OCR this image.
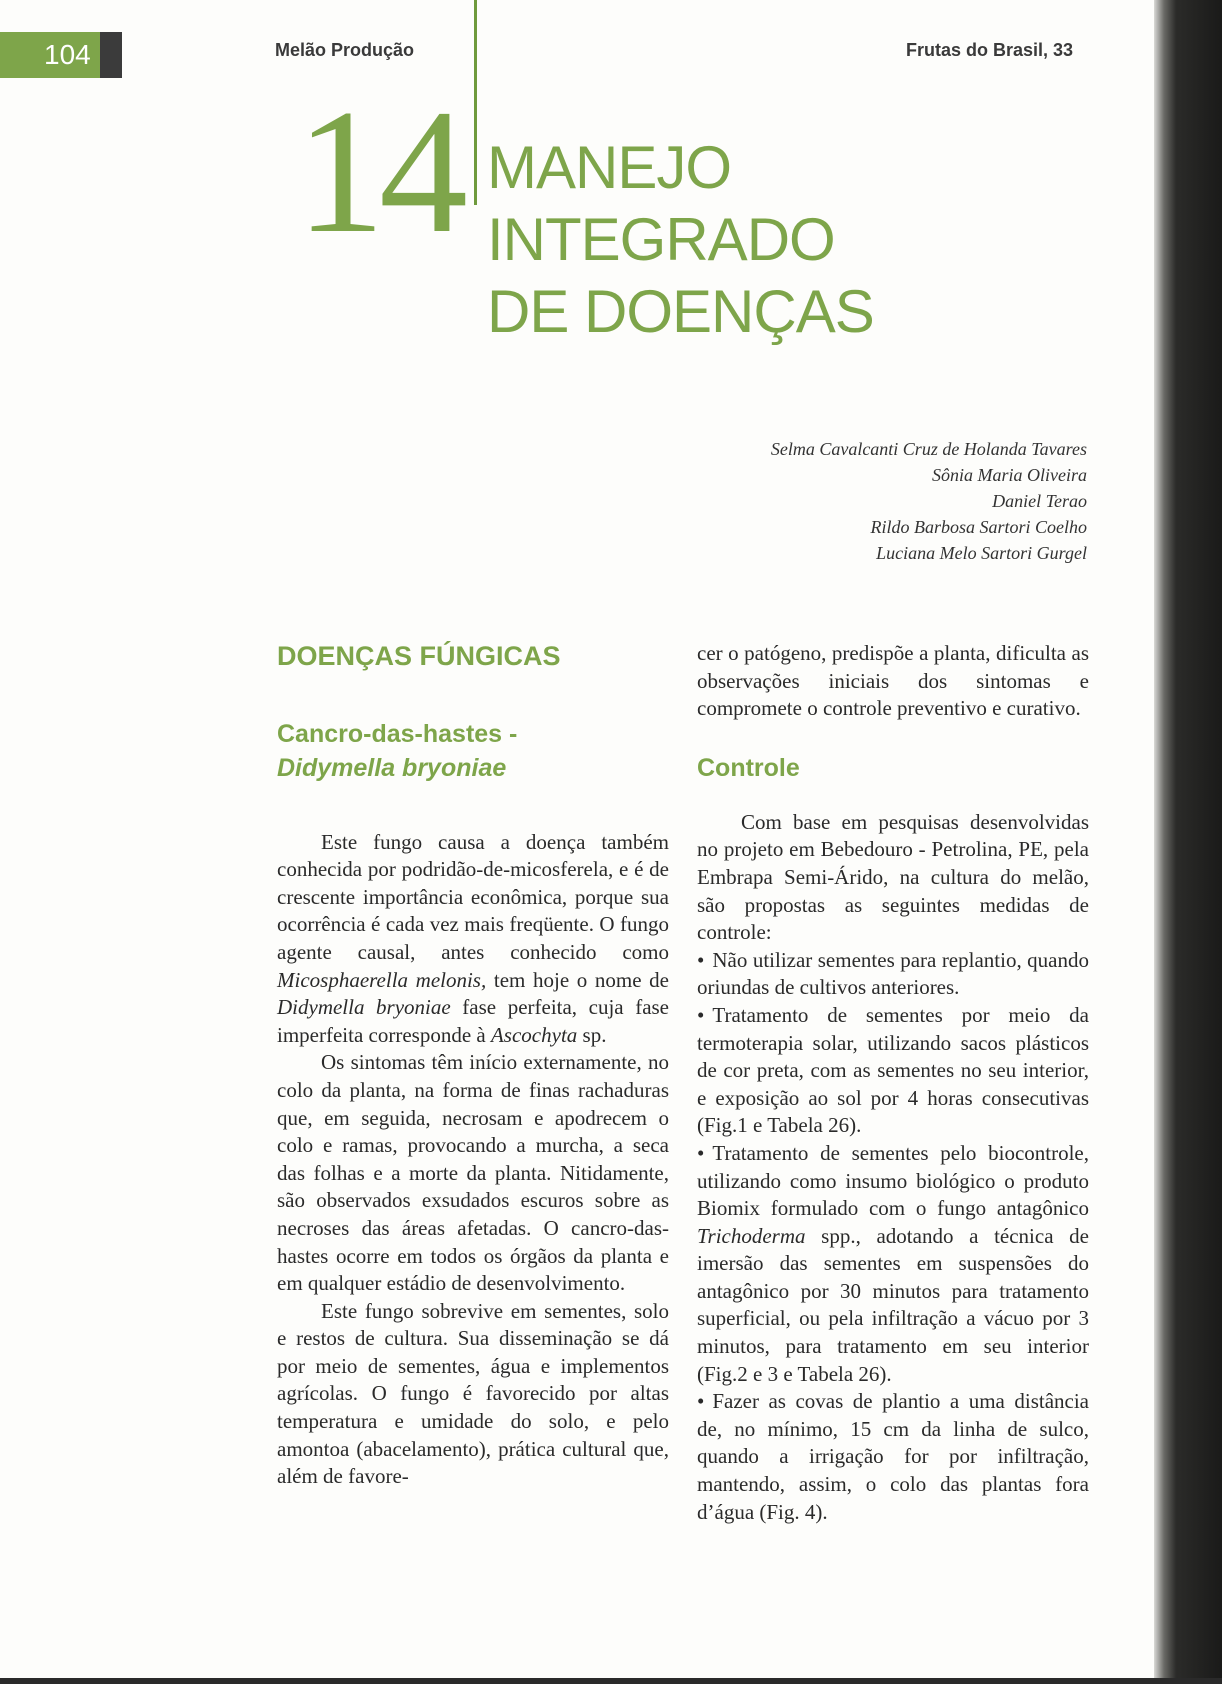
104	Melão Produção	Frutas do Brasil, 33
14 MANEJO
INTEGRADO
DE DOENÇAS
Selma Cavalcanti Cruz de Holanda Tavares
Sônia Maria Oliveira
Daniel Terao
Rildo Barbosa Sartori Coelho
Luciana Melo Sartori Gurgel
DOENÇAS FÚNGICAS
Cancro-das-hastes -
Didymella bryoniae

Este fungo causa a doença também conhecida por podridão-de-micosferela, e é de crescente importância econômica, porque sua ocorrência é cada vez mais freqüente. O fungo agente causal, antes conhecido como Micosphaerella melonis, tem hoje o nome de Didymella bryoniae fase perfeita, cuja fase imperfeita corresponde à Ascochyta sp.

Os sintomas têm início externamente, no colo da planta, na forma de finas rachaduras que, em seguida, necrosam e apodrecem o colo e ramas, provocando a murcha, a seca das folhas e a morte da planta. Nitidamente, são observados exsudados escuros sobre as necroses das áreas afetadas. O cancro-das-hastes ocorre em todos os órgãos da planta e em qualquer estádio de desenvolvimento.

Este fungo sobrevive em sementes, solo e restos de cultura. Sua disseminação se dá por meio de sementes, água e implementos agrícolas. O fungo é favorecido por altas temperatura e umidade do solo, e pelo amontoa (abacelamento), prática cultural que, além de favore-

cer o patógeno, predispõe a planta, dificulta as observações iniciais dos sintomas e compromete o controle preventivo e curativo.

Controle

Com base em pesquisas desenvolvidas no projeto em Bebedouro - Petrolina, PE, pela Embrapa Semi-Árido, na cultura do melão, são propostas as seguintes medidas de controle:

• Não utilizar sementes para replantio, quando oriundas de cultivos anteriores.

• Tratamento de sementes por meio da termoterapia solar, utilizando sacos plásticos de cor preta, com as sementes no seu interior, e exposição ao sol por 4 horas consecutivas (Fig.1 e Tabela 26).

• Tratamento de sementes pelo biocontrole, utilizando como insumo biológico o produto Biomix formulado com o fungo antagônico Trichoderma spp., adotando a técnica de imersão das sementes em suspensões do antagônico por 30 minutos para tratamento superficial, ou pela infiltração a vácuo por 3 minutos, para tratamento em seu interior (Fig.2 e 3 e Tabela 26).

• Fazer as covas de plantio a uma distância de, no mínimo, 15 cm da linha de sulco, quando a irrigação for por infiltração, mantendo, assim, o colo das plantas fora d’água (Fig. 4).
